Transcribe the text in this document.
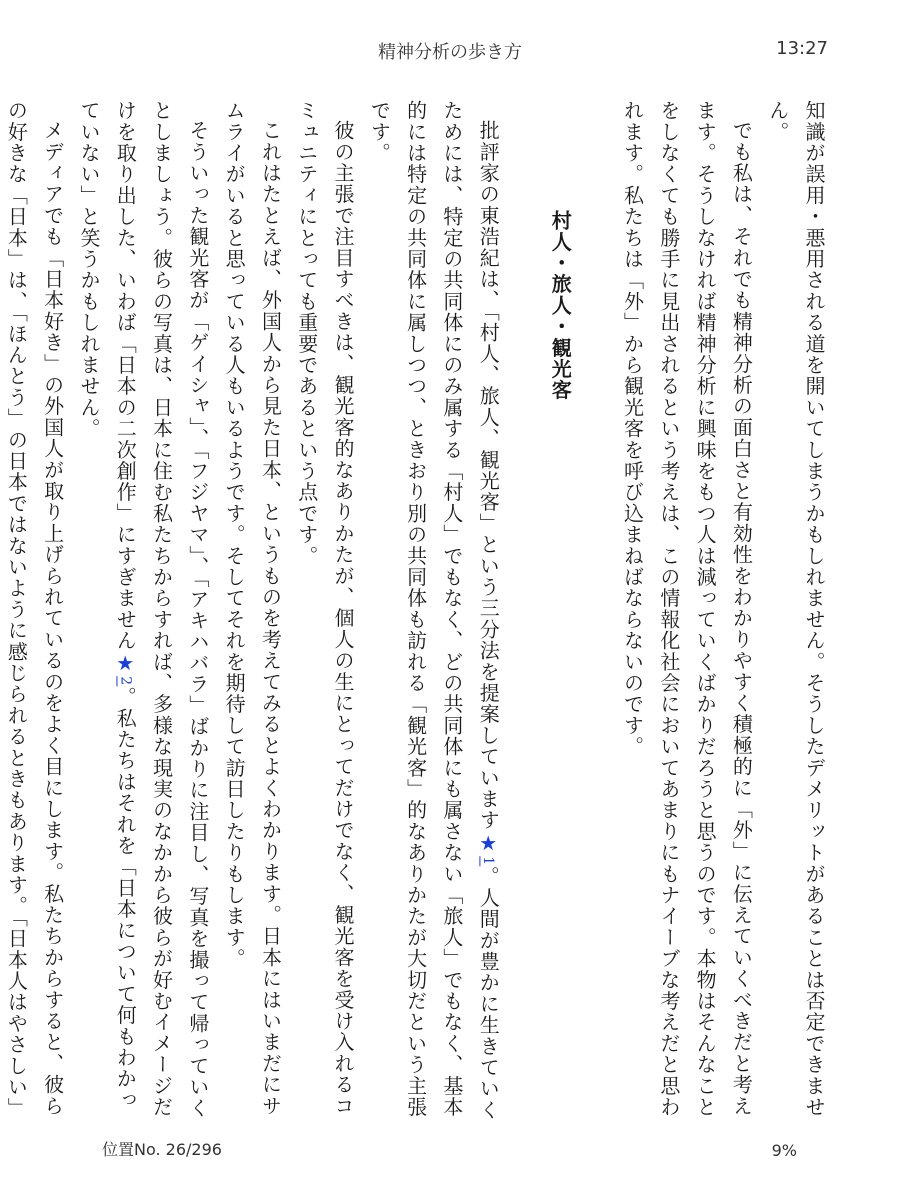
精神分析の歩き方	13:27

知識が誤用・悪用される道を開いてしまうかもしれません。そうしたデメリットがあることは否定できません。

でも私は、それでも精神分析の面白さと有効性をわかりやすく積極的に「外」に伝えていくべきだと考えます。そうしなければ精神分析に興味をもつ人は減っていくばかりだろうと思うのです。本物はそんなことをしなくても勝手に見出されるという考えは、この情報化社会においてあまりにもナイーブな考えだと思われます。私たちは「外」から観光客を呼び込まねばならないのです。

村人・旅人・観光客

批評家の東浩紀は、「村人、旅人、観光客」という三分法を提案しています★1。人間が豊かに生きていくためには、特定の共同体にのみ属する「村人」でもなく、どの共同体にも属さない「旅人」でもなく、基本的には特定の共同体に属しつつ、ときおり別の共同体も訪れる「観光客」的なありかたが大切だという主張です。

彼の主張で注目すべきは、観光客的なありかたが、個人の生にとってだけでなく、観光客を受け入れるコミュニティにとっても重要であるという点です。

これはたとえば、外国人から見た日本、というものを考えてみるとよくわかります。日本にはいまだにサムライがいると思っている人もいるようです。そしてそれを期待して訪日したりもします。

そういった観光客が「ゲイシャ」、「フジヤマ」、「アキハバラ」ばかりに注目し、写真を撮って帰っていくとしましょう。彼らの写真は、日本に住む私たちからすれば、多様な現実のなかから彼らが好むイメージだけを取り出した、いわば「日本の二次創作」にすぎません★2。私たちはそれを「日本について何もわかっていない」と笑うかもしれません。

メディアでも「日本好き」の外国人が取り上げられているのをよく目にします。私たちからすると、彼らの好きな「日本」は、「ほんとう」の日本ではないように感じられるときもあります。「日本人はやさしい」

位置No. 26/296	9%
